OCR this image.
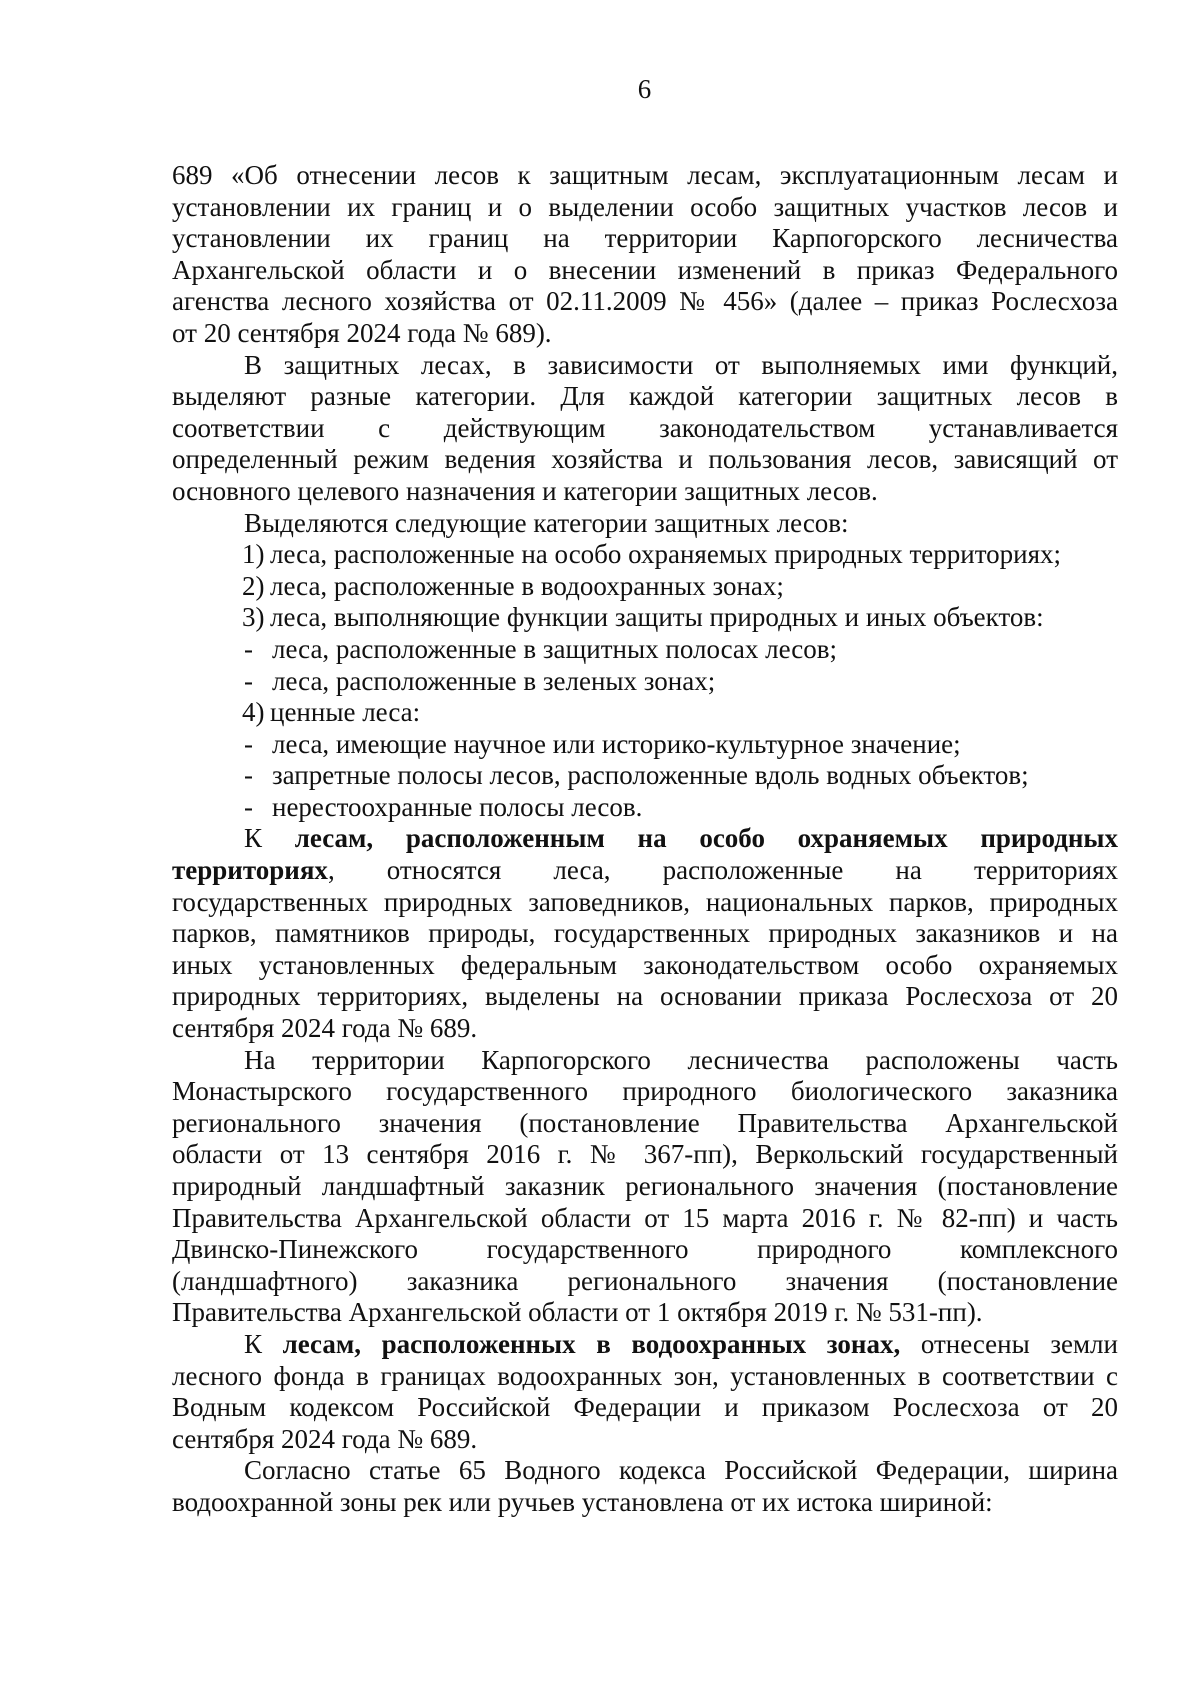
6
689 «Об отнесении лесов к защитным лесам, эксплуатационным лесам и
установлении их границ и о выделении особо защитных участков лесов и
установлении их границ на территории Карпогорского лесничества
Архангельской области и о внесении изменений в приказ Федерального
агенства лесного хозяйства от 02.11.2009 № 456» (далее – приказ Рослесхоза
от 20 сентября 2024 года № 689).
В защитных лесах, в зависимости от выполняемых ими функций,
выделяют разные категории. Для каждой категории защитных лесов в
соответствии с действующим законодательством устанавливается
определенный режим ведения хозяйства и пользования лесов, зависящий от
основного целевого назначения и категории защитных лесов.
Выделяются следующие категории защитных лесов:
1) леса, расположенные на особо охраняемых природных территориях;
2) леса, расположенные в водоохранных зонах;
3) леса, выполняющие функции защиты природных и иных объектов:
- леса, расположенные в защитных полосах лесов;
- леса, расположенные в зеленых зонах;
4) ценные леса:
- леса, имеющие научное или историко-культурное значение;
- запретные полосы лесов, расположенные вдоль водных объектов;
- нерестоохранные полосы лесов.
К лесам, расположенным на особо охраняемых природных
территориях, относятся леса, расположенные на территориях
государственных природных заповедников, национальных парков, природных
парков, памятников природы, государственных природных заказников и на
иных установленных федеральным законодательством особо охраняемых
природных территориях, выделены на основании приказа Рослесхоза от 20
сентября 2024 года № 689.
На территории Карпогорского лесничества расположены часть
Монастырского государственного природного биологического заказника
регионального значения (постановление Правительства Архангельской
области от 13 сентября 2016 г. № 367-пп), Веркольский государственный
природный ландшафтный заказник регионального значения (постановление
Правительства Архангельской области от 15 марта 2016 г. № 82-пп) и часть
Двинско-Пинежского государственного природного комплексного
(ландшафтного) заказника регионального значения (постановление
Правительства Архангельской области от 1 октября 2019 г. № 531-пп).
К лесам, расположенных в водоохранных зонах, отнесены земли
лесного фонда в границах водоохранных зон, установленных в соответствии с
Водным кодексом Российской Федерации и приказом Рослесхоза от 20
сентября 2024 года № 689.
Согласно статье 65 Водного кодекса Российской Федерации, ширина
водоохранной зоны рек или ручьев установлена от их истока шириной:
